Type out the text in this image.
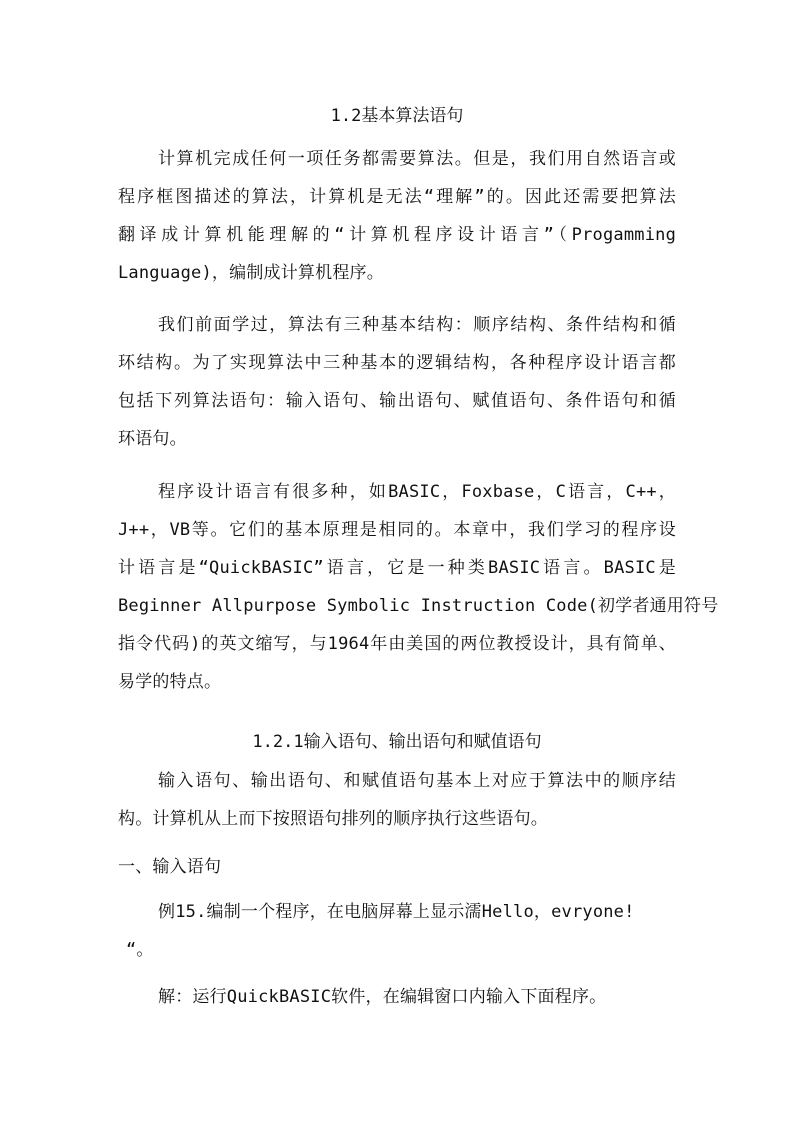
1.2基本算法语句
计算机完成任何一项任务都需要算法。但是，我们用自然语言或
程序框图描述的算法，计算机是无法“理解”的。因此还需要把算法
翻译成计算机能理解的“计算机程序设计语言”（Progamming
Language)，编制成计算机程序。
我们前面学过，算法有三种基本结构：顺序结构、条件结构和循
环结构。为了实现算法中三种基本的逻辑结构，各种程序设计语言都
包括下列算法语句：输入语句、输出语句、赋值语句、条件语句和循
环语句。
程序设计语言有很多种，如BASIC，Foxbase，C语言，C++，
J++，VB等。它们的基本原理是相同的。本章中，我们学习的程序设
计语言是“QuickBASIC”语言，它是一种类BASIC语言。BASIC是
Beginner Allpurpose Symbolic Instruction Code(初学者通用符号
指令代码)的英文缩写，与1964年由美国的两位教授设计，具有简单、
易学的特点。
1.2.1输入语句、输出语句和赋值语句
输入语句、输出语句、和赋值语句基本上对应于算法中的顺序结
构。计算机从上而下按照语句排列的顺序执行这些语句。
一、输入语句
例15.编制一个程序，在电脑屏幕上显示濡Hello，evryone!
“。
解：运行QuickBASIC软件，在编辑窗口内输入下面程序。
